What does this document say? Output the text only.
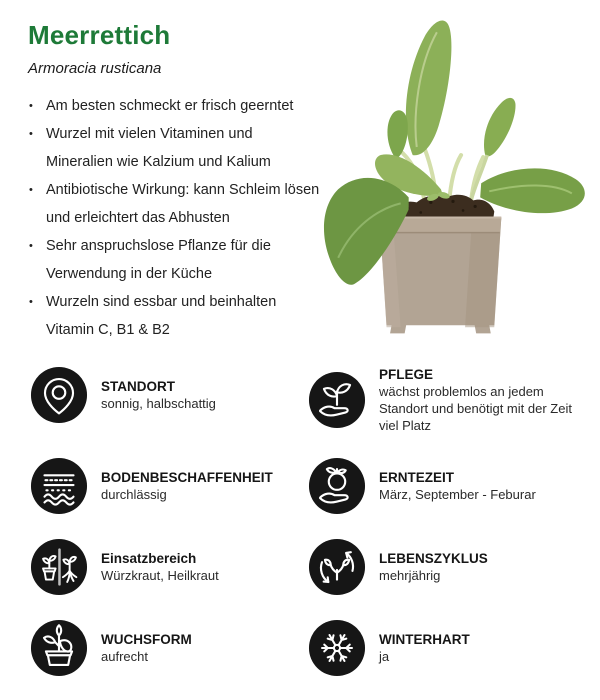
Meerrettich
Armoracia rusticana
• Am besten schmeckt er frisch geerntet
• Wurzel mit vielen Vitaminen und
Mineralien wie Kalzium und Kalium
• Antibiotische Wirkung: kann Schleim lösen
und erleichtert das Abhusten
• Sehr anspruchslose Pflanze für die
Verwendung in der Küche
• Wurzeln sind essbar und beinhalten
Vitamin C, B1 & B2
STANDORT
sonnig, halbschattig
PFLEGE
wächst problemlos an jedem Standort und benötigt mit der Zeit viel Platz
BODENBESCHAFFENHEIT
durchlässig
ERNTEZEIT
März, September - Feburar
Einsatzbereich
Würzkraut, Heilkraut
LEBENSZYKLUS
mehrjährig
WUCHSFORM
aufrecht
WINTERHART
ja
